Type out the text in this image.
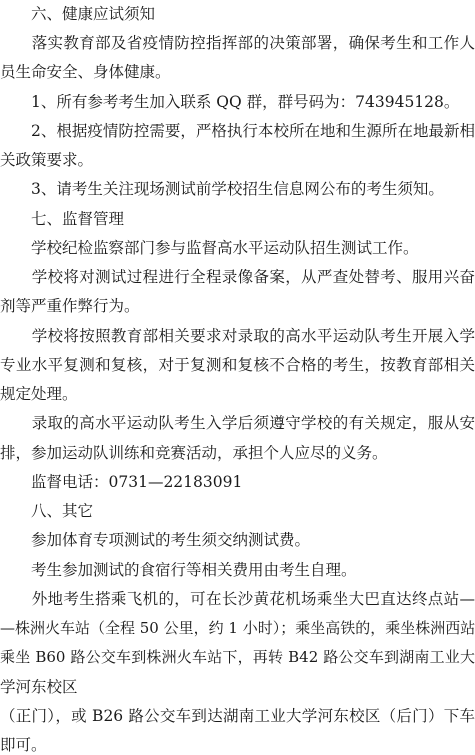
　　六、健康应试须知
　　落实教育部及省疫情防控指挥部的决策部署，确保考生和工作人
员生命安全、身体健康。
　　1、所有参考考生加入联系 QQ 群，群号码为：743945128。
　　2、根据疫情防控需要，严格执行本校所在地和生源所在地最新相
关政策要求。
　　3、请考生关注现场测试前学校招生信息网公布的考生须知。
　　七、监督管理
　　学校纪检监察部门参与监督高水平运动队招生测试工作。
　　学校将对测试过程进行全程录像备案，从严查处替考、服用兴奋
剂等严重作弊行为。
　　学校将按照教育部相关要求对录取的高水平运动队考生开展入学
专业水平复测和复核，对于复测和复核不合格的考生，按教育部相关
规定处理。
　　录取的高水平运动队考生入学后须遵守学校的有关规定，服从安
排，参加运动队训练和竞赛活动，承担个人应尽的义务。
　　监督电话：0731—22183091
　　八、其它
　　参加体育专项测试的考生须交纳测试费。
　　考生参加测试的食宿行等相关费用由考生自理。
　　外地考生搭乘飞机的，可在长沙黄花机场乘坐大巴直达终点站—
—株洲火车站（全程 50 公里，约 1 小时）；乘坐高铁的，乘坐株洲西站
乘坐 B60 路公交车到株洲火车站下，再转 B42 路公交车到湖南工业大
学河东校区
（正门），或 B26 路公交车到达湖南工业大学河东校区（后门）下车
即可。
